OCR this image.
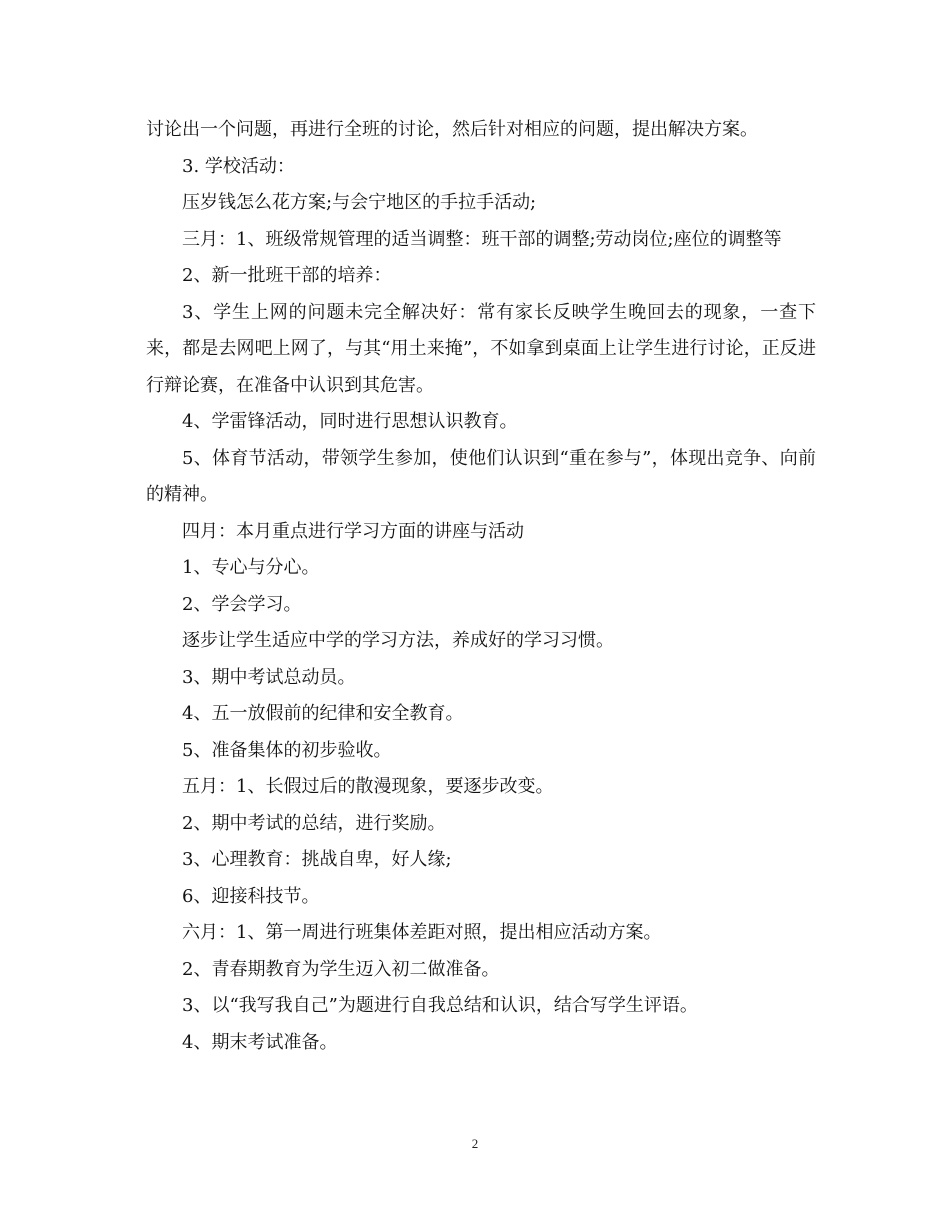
讨论出一个问题，再进行全班的讨论，然后针对相应的问题，提出解决方案。

3. 学校活动：

压岁钱怎么花方案;与会宁地区的手拉手活动;

三月：1、班级常规管理的适当调整：班干部的调整;劳动岗位;座位的调整等

2、新一批班干部的培养：

3、学生上网的问题未完全解决好：常有家长反映学生晚回去的现象，一查下来，都是去网吧上网了，与其“用土来掩”，不如拿到桌面上让学生进行讨论，正反进行辩论赛，在准备中认识到其危害。

4、学雷锋活动，同时进行思想认识教育。

5、体育节活动，带领学生参加，使他们认识到“重在参与”，体现出竞争、向前的精神。

四月：本月重点进行学习方面的讲座与活动

1、专心与分心。

2、学会学习。

逐步让学生适应中学的学习方法，养成好的学习习惯。

3、期中考试总动员。

4、五一放假前的纪律和安全教育。

5、准备集体的初步验收。

五月：1、长假过后的散漫现象，要逐步改变。

2、期中考试的总结，进行奖励。

3、心理教育：挑战自卑，好人缘;

6、迎接科技节。

六月：1、第一周进行班集体差距对照，提出相应活动方案。

2、青春期教育为学生迈入初二做准备。

3、以“我写我自己”为题进行自我总结和认识，结合写学生评语。

4、期末考试准备。

2
